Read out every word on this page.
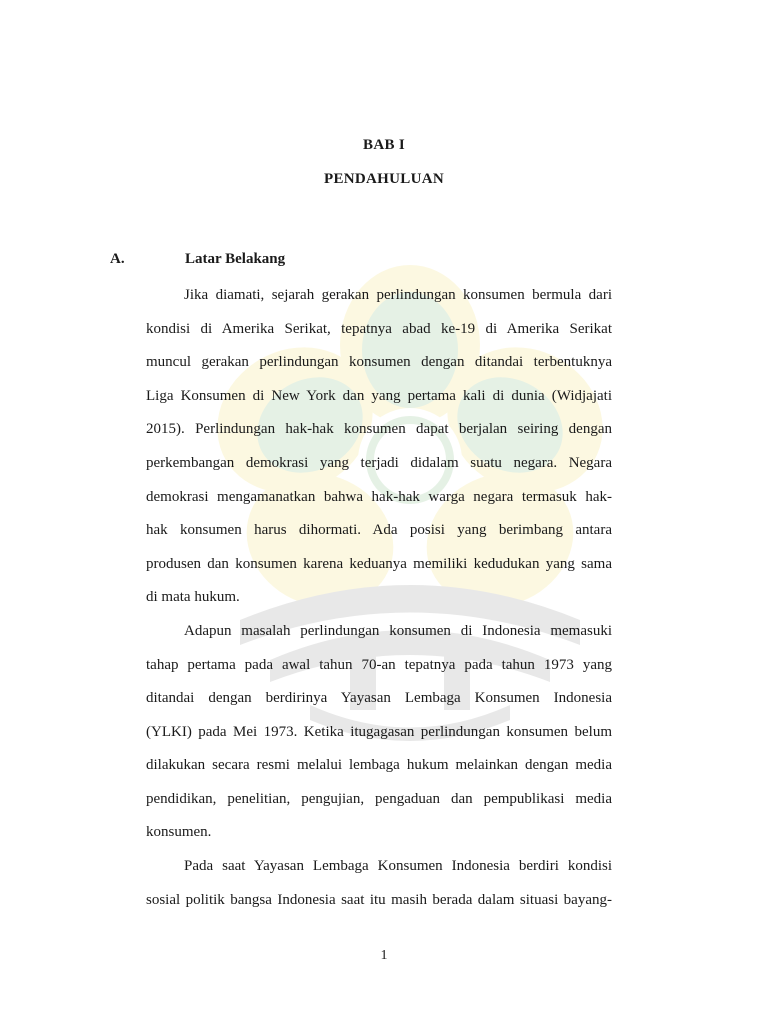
BAB I
PENDAHULUAN
A.	Latar Belakang
Jika diamati, sejarah gerakan perlindungan konsumen bermula dari
kondisi di Amerika Serikat, tepatnya abad ke-19 di Amerika Serikat
muncul gerakan perlindungan konsumen dengan ditandai terbentuknya
Liga Konsumen di New York dan yang pertama kali di dunia (Widjajati
2015). Perlindungan hak-hak konsumen dapat berjalan seiring dengan
perkembangan demokrasi yang terjadi didalam suatu negara. Negara
demokrasi mengamanatkan bahwa hak-hak warga negara termasuk hak-
hak konsumen harus dihormati. Ada posisi yang berimbang antara
produsen dan konsumen karena keduanya memiliki kedudukan yang sama
di mata hukum.
Adapun masalah perlindungan konsumen di Indonesia memasuki
tahap pertama pada awal tahun 70-an tepatnya pada tahun 1973 yang
ditandai dengan berdirinya Yayasan Lembaga Konsumen Indonesia
(YLKI) pada Mei 1973. Ketika itugagasan perlindungan konsumen belum
dilakukan secara resmi melalui lembaga hukum melainkan dengan media
pendidikan, penelitian, pengujian, pengaduan dan pempublikasi media
konsumen.
Pada saat Yayasan Lembaga Konsumen Indonesia berdiri kondisi
sosial politik bangsa Indonesia saat itu masih berada dalam situasi bayang-
1
